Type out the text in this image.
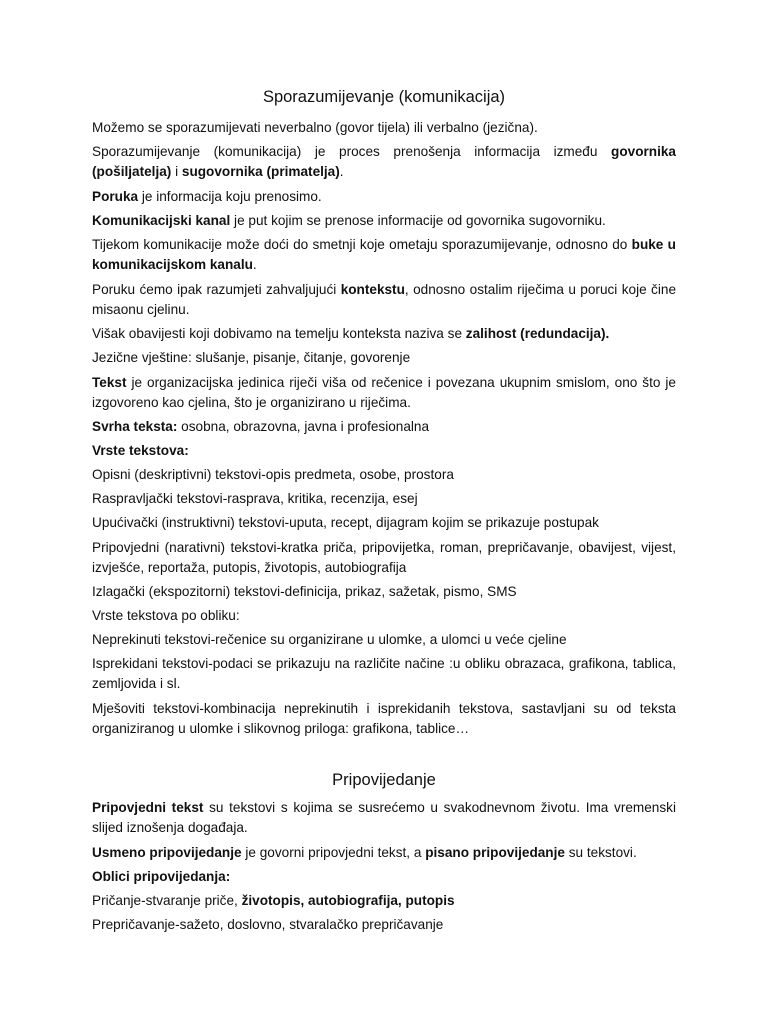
Sporazumijevanje (komunikacija)

Možemo se sporazumijevati neverbalno (govor tijela) ili verbalno (jezična).

Sporazumijevanje (komunikacija) je proces prenošenja informacija između govornika (pošiljatelja) i sugovornika (primatelja).

Poruka je informacija koju prenosimo.

Komunikacijski kanal je put kojim se prenose informacije od govornika sugovorniku.

Tijekom komunikacije može doći do smetnji koje ometaju sporazumijevanje, odnosno do buke u komunikacijskom kanalu.

Poruku ćemo ipak razumjeti zahvaljujući kontekstu, odnosno ostalim riječima u poruci koje čine misaonu cjelinu.

Višak obavijesti koji dobivamo na temelju konteksta naziva se zalihost (redundacija).

Jezične vještine: slušanje, pisanje, čitanje, govorenje

Tekst je organizacijska jedinica riječi viša od rečenice i povezana ukupnim smislom, ono što je izgovoreno kao cjelina, što je organizirano u riječima.

Svrha teksta: osobna, obrazovna, javna i profesionalna

Vrste tekstova:

Opisni (deskriptivni) tekstovi-opis predmeta, osobe, prostora

Raspravljački tekstovi-rasprava, kritika, recenzija, esej

Upućivački (instruktivni) tekstovi-uputa, recept, dijagram kojim se prikazuje postupak

Pripovjedni (narativni) tekstovi-kratka priča, pripovijetka, roman, prepričavanje, obavijest, vijest, izvješće, reportaža, putopis, životopis, autobiografija

Izlagački (ekspozitorni) tekstovi-definicija, prikaz, sažetak, pismo, SMS

Vrste tekstova po obliku:

Neprekinuti tekstovi-rečenice su organizirane u ulomke, a ulomci u veće cjeline

Isprekidani tekstovi-podaci se prikazuju na različite načine :u obliku obrazaca, grafikona, tablica, zemljovida i sl.

Mješoviti tekstovi-kombinacija neprekinutih i isprekidanih tekstova, sastavljani su od teksta organiziranog u ulomke i slikovnog priloga: grafikona, tablice…

Pripovijedanje

Pripovjedni tekst su tekstovi s kojima se susrećemo u svakodnevnom životu. Ima vremenski slijed iznošenja događaja.

Usmeno pripovijedanje je govorni pripovjedni tekst, a pisano pripovijedanje su tekstovi.

Oblici pripovijedanja:

Pričanje-stvaranje priče, životopis, autobiografija, putopis

Prepričavanje-sažeto, doslovno, stvaralačko prepričavanje
